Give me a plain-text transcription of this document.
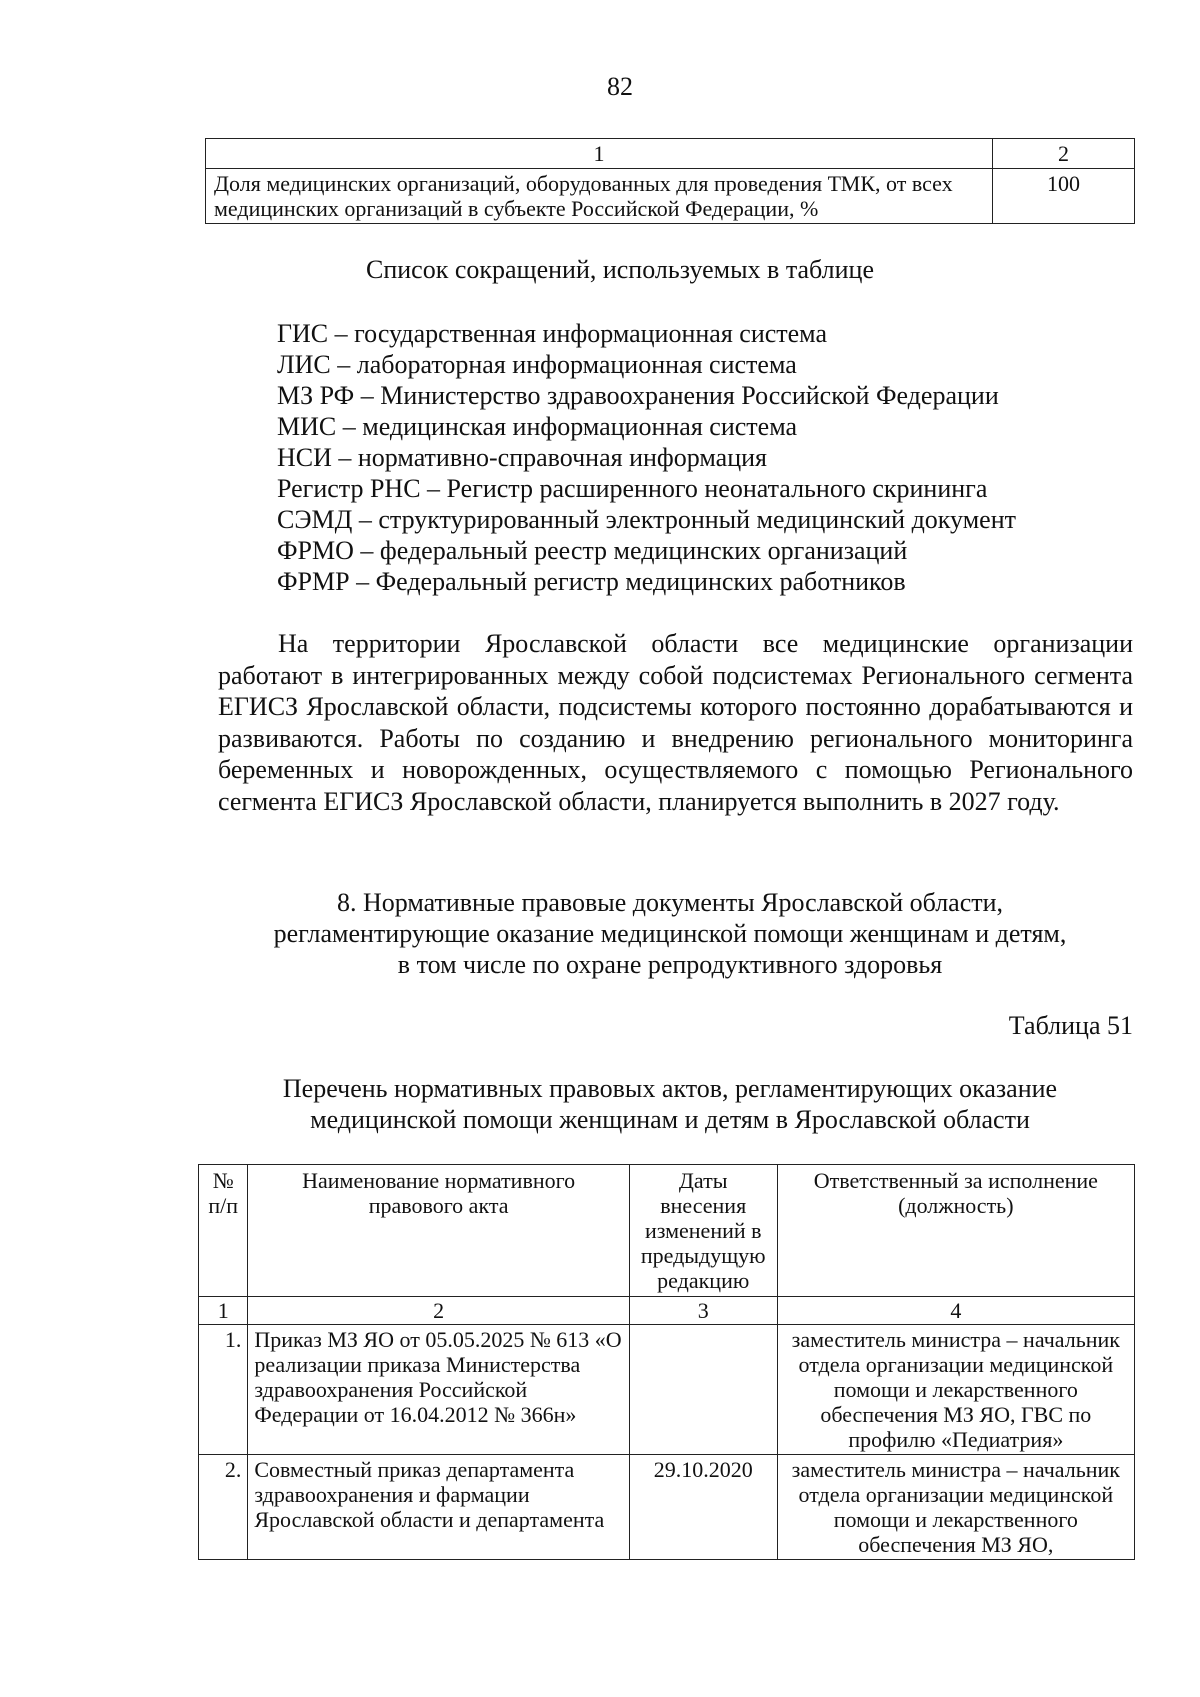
82
1	2
Доля медицинских организаций, оборудованных для проведения ТМК, от всех медицинских организаций в субъекте Российской Федерации, %	100
Список сокращений, используемых в таблице
ГИС – государственная информационная система
ЛИС – лабораторная информационная система
МЗ РФ – Министерство здравоохранения Российской Федерации
МИС – медицинская информационная система
НСИ – нормативно-справочная информация
Регистр РНС – Регистр расширенного неонатального скрининга
СЭМД – структурированный электронный медицинский документ
ФРМО – федеральный реестр медицинских организаций
ФРМР – Федеральный регистр медицинских работников

На территории Ярославской области все медицинские организации работают в интегрированных между собой подсистемах Регионального сегмента ЕГИСЗ Ярославской области, подсистемы которого постоянно дорабатываются и развиваются. Работы по созданию и внедрению регионального мониторинга беременных и новорожденных, осуществляемого с помощью Регионального сегмента ЕГИСЗ Ярославской области, планируется выполнить в 2027 году.

8. Нормативные правовые документы Ярославской области,
регламентирующие оказание медицинской помощи женщинам и детям,
в том числе по охране репродуктивного здоровья
Таблица 51
Перечень нормативных правовых актов, регламентирующих оказание
медицинской помощи женщинам и детям в Ярославской области
№ п/п	Наименование нормативного правового акта	Даты внесения изменений в предыдущую редакцию	Ответственный за исполнение (должность)
1	2	3	4
1.	Приказ МЗ ЯО от 05.05.2025 № 613 «О реализации приказа Министерства здравоохранения Российской Федерации от 16.04.2012 № 366н»		заместитель министра – начальник отдела организации медицинской помощи и лекарственного обеспечения МЗ ЯО, ГВС по профилю «Педиатрия»
2.	Совместный приказ департамента здравоохранения и фармации Ярославской области и департамента	29.10.2020	заместитель министра – начальник отдела организации медицинской помощи и лекарственного обеспечения МЗ ЯО,
